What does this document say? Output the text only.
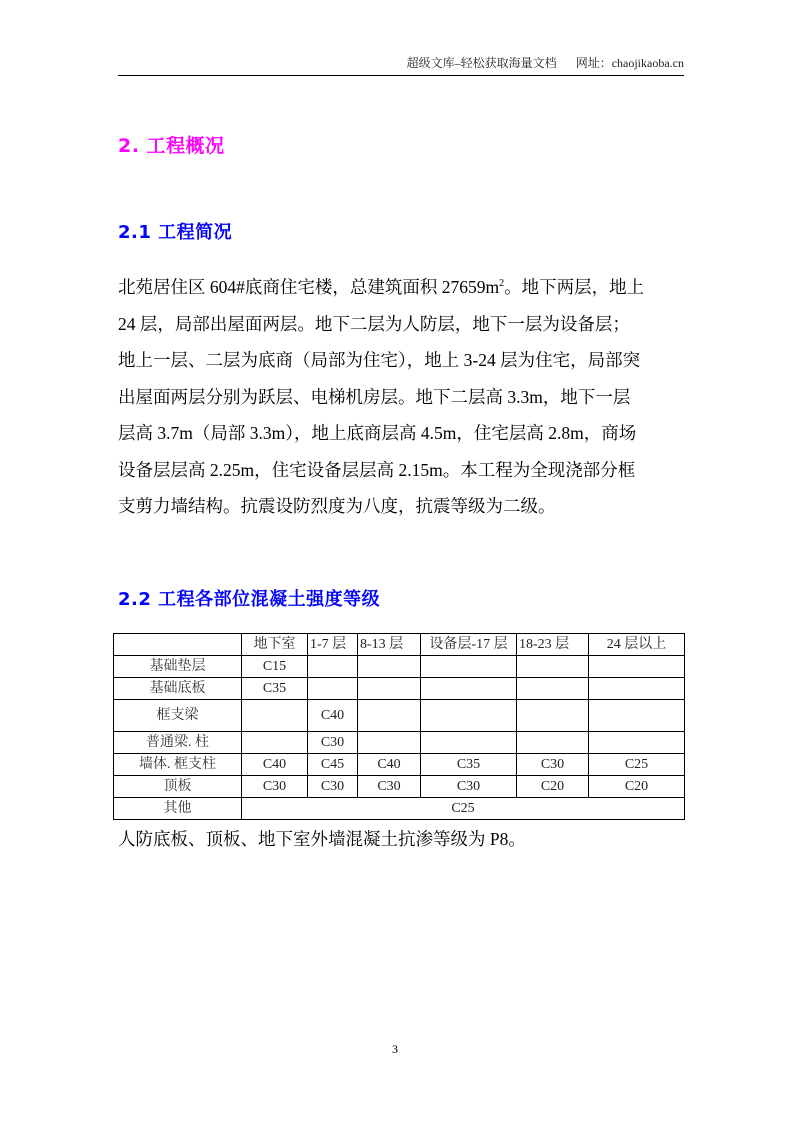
超级文库–轻松获取海量文档 网址：chaojikaoba.cn
2. 工程概况
2.1 工程简况

北苑居住区 604#底商住宅楼，总建筑面积 $27659m^2$。地下两层，地上

24 层，局部出屋面两层。地下二层为人防层，地下一层为设备层；

地上一层、二层为底商（局部为住宅），地上 3-24 层为住宅，局部突

出屋面两层分别为跃层、电梯机房层。地下二层高 3.3m，地下一层

层高 3.7m（局部 3.3m），地上底商层高 4.5m，住宅层高 2.8m，商场

设备层层高 2.25m，住宅设备层层高 2.15m。本工程为全现浇部分框

支剪力墙结构。抗震设防烈度为八度，抗震等级为二级。

2.2 工程各部位混凝土强度等级
	地下室	1-7 层	8-13 层	设备层-17 层	18-23 层	24 层以上
基础垫层	C15					
基础底板	C35					
框支梁		C40				
普通梁. 柱		C30				
墙体. 框支柱	C40	C45	C40	C35	C30	C25
顶板	C30	C30	C30	C30	C20	C20
其他	C25					
人防底板、顶板、地下室外墙混凝土抗渗等级为 P8。
3
